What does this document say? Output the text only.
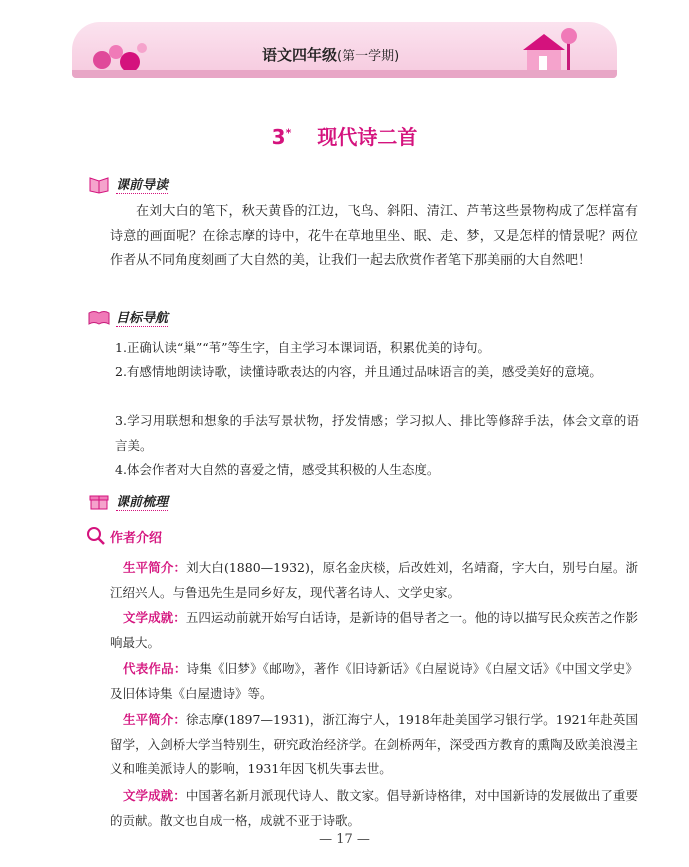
语文四年级(第一学期)
3* 现代诗二首
课前导读
在刘大白的笔下，秋天黄昏的江边，飞鸟、斜阳、清江、芦苇这些景物构成了怎样富有诗意的画面呢？在徐志摩的诗中，花牛在草地里坐、眠、走、梦，又是怎样的情景呢？两位作者从不同角度刻画了大自然的美，让我们一起去欣赏作者笔下那美丽的大自然吧！
目标导航
1.正确认读“巢”“苇”等生字，自主学习本课词语，积累优美的诗句。
2.有感情地朗读诗歌，读懂诗歌表达的内容，并且通过品味语言的美，感受美好的意境。
3.学习用联想和想象的手法写景状物，抒发情感；学习拟人、排比等修辞手法，体会文章的语言美。
4.体会作者对大自然的喜爱之情，感受其积极的人生态度。
课前梳理
作者介绍
生平简介：刘大白(1880—1932)，原名金庆棪，后改姓刘，名靖裔，字大白，别号白屋。浙江绍兴人。与鲁迅先生是同乡好友，现代著名诗人、文学史家。
文学成就：五四运动前就开始写白话诗，是新诗的倡导者之一。他的诗以描写民众疾苦之作影响最大。
代表作品：诗集《旧梦》《邮吻》，著作《旧诗新话》《白屋说诗》《白屋文话》《中国文学史》及旧体诗集《白屋遗诗》等。
生平简介：徐志摩(1897—1931)，浙江海宁人，1918年赴美国学习银行学。1921年赴英国留学，入剑桥大学当特别生，研究政治经济学。在剑桥两年，深受西方教育的熏陶及欧美浪漫主义和唯美派诗人的影响，1931年因飞机失事去世。
文学成就：中国著名新月派现代诗人、散文家。倡导新诗格律，对中国新诗的发展做出了重要的贡献。散文也自成一格，成就不亚于诗歌。
— 17 —
